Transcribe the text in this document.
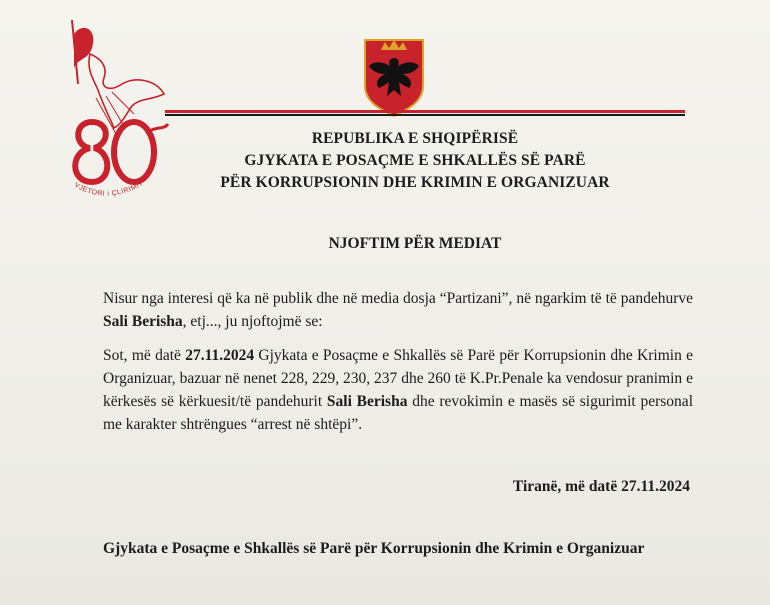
VJETORI i ÇLIRIMIT
REPUBLIKA E SHQIPËRISË
GJYKATA E POSAÇME E SHKALLËS SË PARË
PËR KORRUPSIONIN DHE KRIMIN E ORGANIZUAR
NJOFTIM PËR MEDIAT
Nisur nga interesi që ka në publik dhe në media dosja “Partizani”, në ngarkim të të pandehurve Sali Berisha, etj..., ju njoftojmë se:
Sot, më datë 27.11.2024 Gjykata e Posaçme e Shkallës së Parë për Korrupsionin dhe Krimin e Organizuar, bazuar në nenet 228, 229, 230, 237 dhe 260 të K.Pr.Penale ka vendosur pranimin e kërkesës së kërkuesit/të pandehurit Sali Berisha dhe revokimin e masës së sigurimit personal me karakter shtrëngues “arrest në shtëpi”.
Tiranë, më datë 27.11.2024
Gjykata e Posaçme e Shkallës së Parë për Korrupsionin dhe Krimin e Organizuar
